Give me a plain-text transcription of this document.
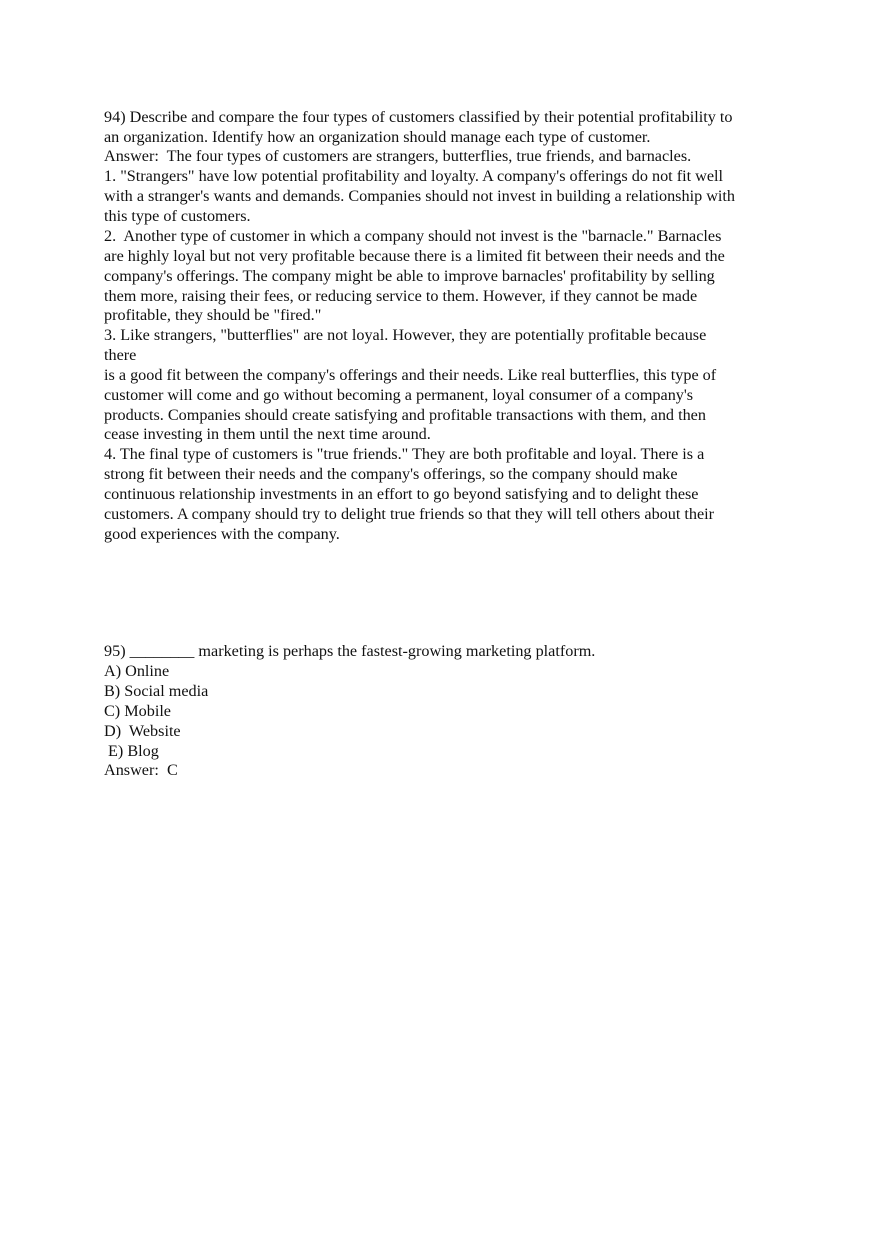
94) Describe and compare the four types of customers classified by their potential profitability to
an organization. Identify how an organization should manage each type of customer.
Answer:  The four types of customers are strangers, butterflies, true friends, and barnacles.
1. "Strangers" have low potential profitability and loyalty. A company's offerings do not fit well
with a stranger's wants and demands. Companies should not invest in building a relationship with
this type of customers.
2.  Another type of customer in which a company should not invest is the "barnacle." Barnacles
are highly loyal but not very profitable because there is a limited fit between their needs and the
company's offerings. The company might be able to improve barnacles' profitability by selling
them more, raising their fees, or reducing service to them. However, if they cannot be made
profitable, they should be "fired."
3. Like strangers, "butterflies" are not loyal. However, they are potentially profitable because
there
is a good fit between the company's offerings and their needs. Like real butterflies, this type of
customer will come and go without becoming a permanent, loyal consumer of a company's
products. Companies should create satisfying and profitable transactions with them, and then
cease investing in them until the next time around.
4. The final type of customers is "true friends." They are both profitable and loyal. There is a
strong fit between their needs and the company's offerings, so the company should make
continuous relationship investments in an effort to go beyond satisfying and to delight these
customers. A company should try to delight true friends so that they will tell others about their
good experiences with the company.
95) ________ marketing is perhaps the fastest-growing marketing platform.
A) Online
B) Social media
C) Mobile
D)  Website
E) Blog
Answer:  C
